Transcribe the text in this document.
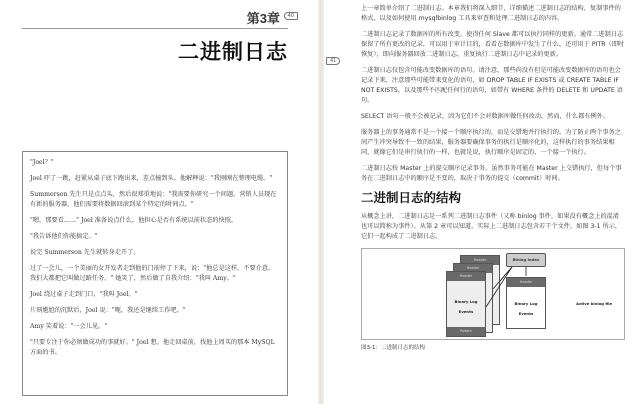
第3章	40
二进制日志

"Joel？"

Joel 吓了一跳，赶紧从桌子底下跑出来，差点撞到头。他解释说："我刚刚在整理电缆。"

Summerson 先生只是点点头，然后很郑重地说："我需要你研究一个问题。营销人员现在有新的服务器，他们需要将数据回滚到某个特定的时间点。"

"嗯，那要看……" Joel 准备说点什么，他担心是否有系统以前状态的快照。

"我告诉他们你能搞定。"

说完 Summerson 先生就转身走开了。

过了一会儿，一个美丽的女开发者走到他的门前停了下来，说："他总是这样，不要介意。我们大都把它叫做过路任务。" 她笑了，然后做了自我介绍："我叫 Amy。"

Joel 绕过桌子走到门口，"我叫 Joel。"

片刻尴尬的沉默后，Joel 说："呃，我还是继续工作吧。"

Amy 笑着说："一会儿见。"

"只要专注于你必须做成功的事就好。" Joel 想。他走回桌前，找他上周买的那本 MySQL 方面的书。

41

上一章简单介绍了二进制日志。本章我们将深入细节，详细描述二进制日志的结构，复制事件的格式，以及如何使用 mysqlbinlog 工具来审查和处理二进制日志的内容。

二进制日志记录了数据库的所有改变，使得任何 Slave 都可以执行同样的更新。通常二进制日志保留了所有更改的记录，可以用于审计目的，看看在数据库中发生了什么，还可用于 PITR（即时恢复），即向服务器回放二进制日志，重复执行二进制日志中记录的更新。

二进制日志仅包含可能改变数据库的语句。请注意，那些尚没有但是可能改变数据库的语句也会记录下来，注意那些可能带来变化的语句，如 DROP TABLE IF EXISTS 或 CREATE TABLE IF NOT EXISTS，以及那些不匹配任何行的语句，如带有 WHERE 条件的 DELETE 和 UPDATE 语句。

SELECT 语句一般不会被记录，因为它们不会对数据库做任何改动。然而，什么都有例外。

服务器上的事务通常不是一个接一个顺序执行的，而是交错地并行执行的。为了防止两个事务之间产生冲突导致不一致的结果，服务器要确保事务的执行是顺序化的，这样执行的事务结果相同，就像它们是串行执行的一样，也就是说，执行顺序是固定的，一个接一个执行。

二进制日志按 Master 上的提交顺序记录事务。虽然事务可能在 Master 上交错执行，但每个事务在二进制日志中的顺序是不变的，取决于事务的提交（commit）时间。

二进制日志的结构

从概念上讲，二进制日志是一系列二进制日志事件（又称 binlog 事件，如果没有概念上的混淆也可以简称为事件）。从第 2 章可以知道，实际上二进制日志包含若干个文件，如图 3-1 所示，它们一起构成了二进制日志。

Header
Header
Header
Binary Log Events
Rotate
Binlog Index
Header
Binary Log Events
Active binlog file
图3-1：二进制日志的结构
